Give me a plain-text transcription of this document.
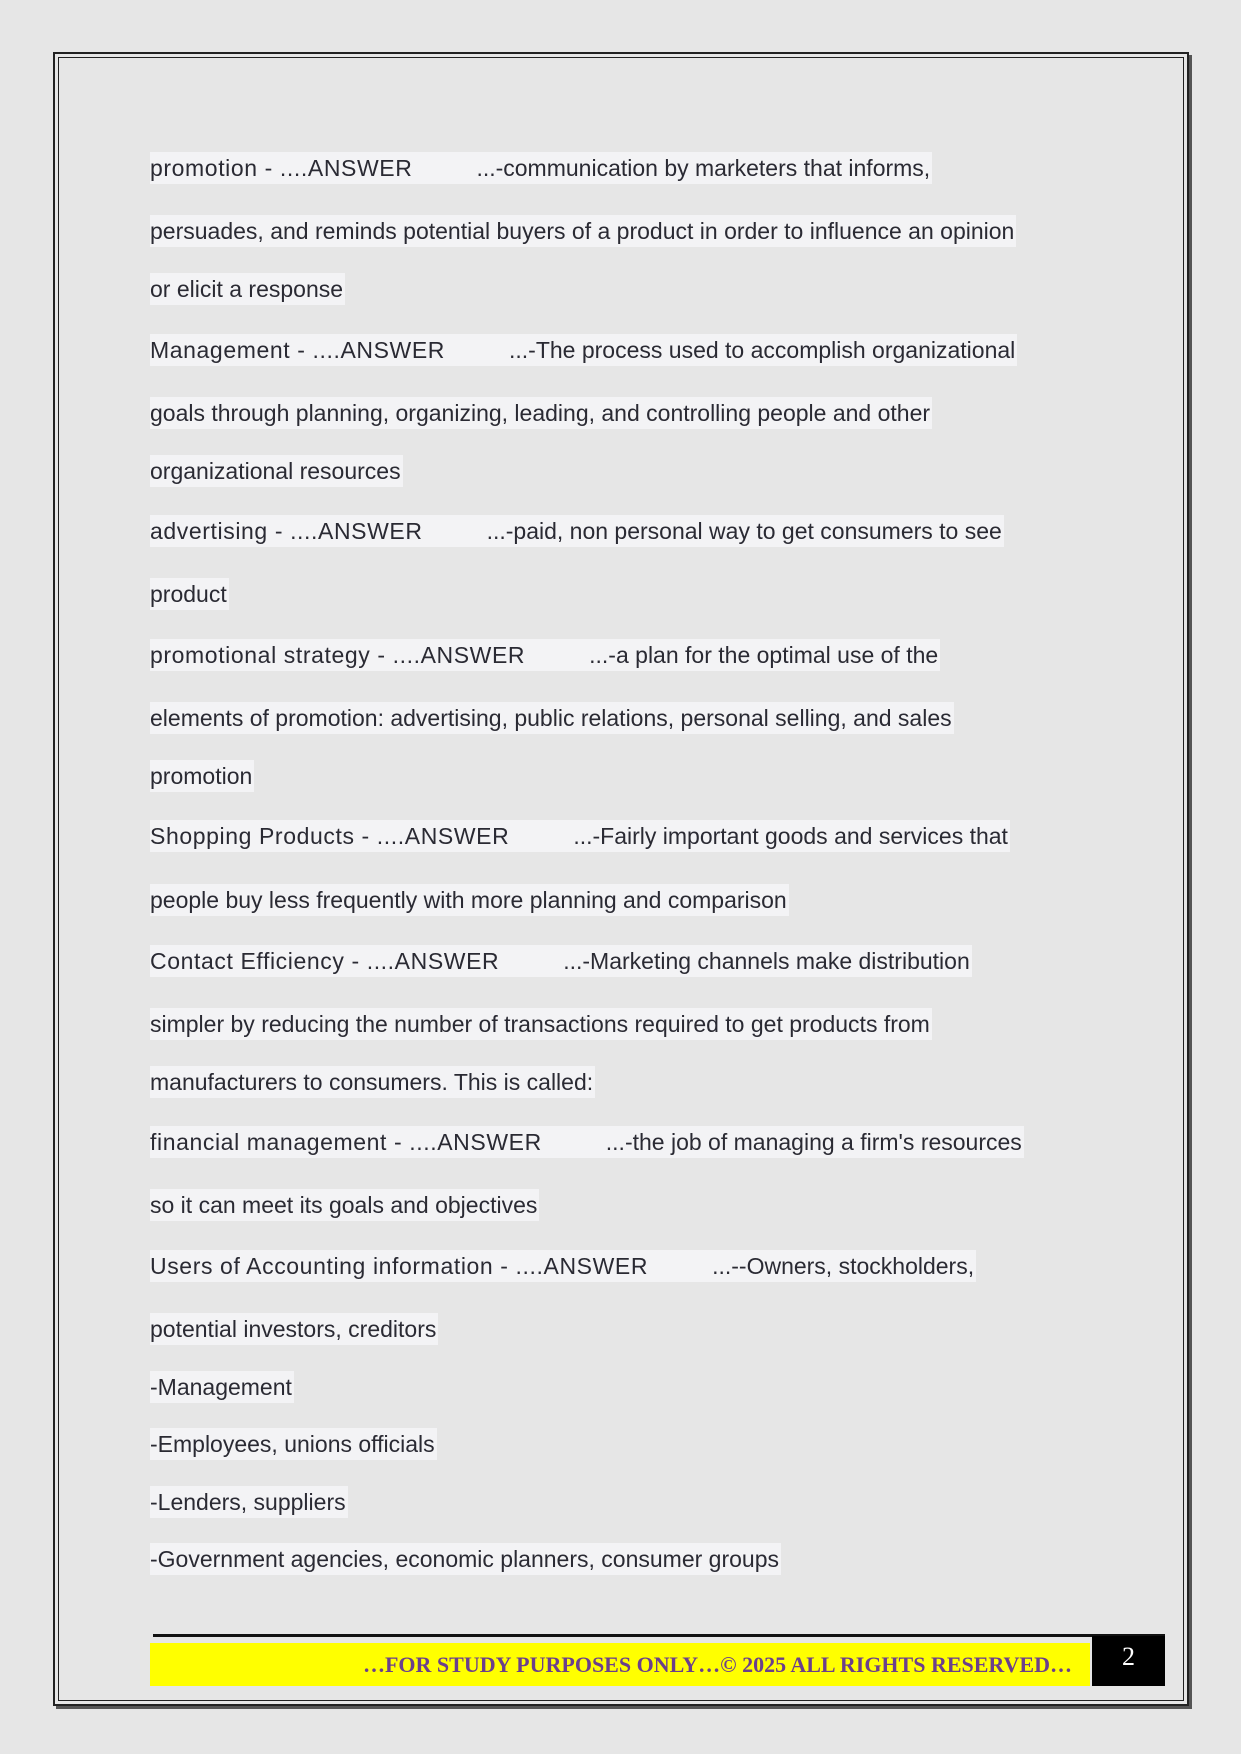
promotion - ....ANSWER	...-communication by marketers that informs,
persuades, and reminds potential buyers of a product in order to influence an opinion
or elicit a response
Management - ....ANSWER	...-The process used to accomplish organizational
goals through planning, organizing, leading, and controlling people and other
organizational resources
advertising - ....ANSWER	...-paid, non personal way to get consumers to see
product
promotional strategy - ....ANSWER	...-a plan for the optimal use of the
elements of promotion: advertising, public relations, personal selling, and sales
promotion
Shopping Products - ....ANSWER	...-Fairly important goods and services that
people buy less frequently with more planning and comparison
Contact Efficiency - ....ANSWER	...-Marketing channels make distribution
simpler by reducing the number of transactions required to get products from
manufacturers to consumers. This is called:
financial management - ....ANSWER	...-the job of managing a firm's resources
so it can meet its goals and objectives
Users of Accounting information - ....ANSWER	...--Owners, stockholders,
potential investors, creditors
-Management
-Employees, unions officials
-Lenders, suppliers
-Government agencies, economic planners, consumer groups
…FOR STUDY PURPOSES ONLY…© 2025 ALL RIGHTS RESERVED…	2
